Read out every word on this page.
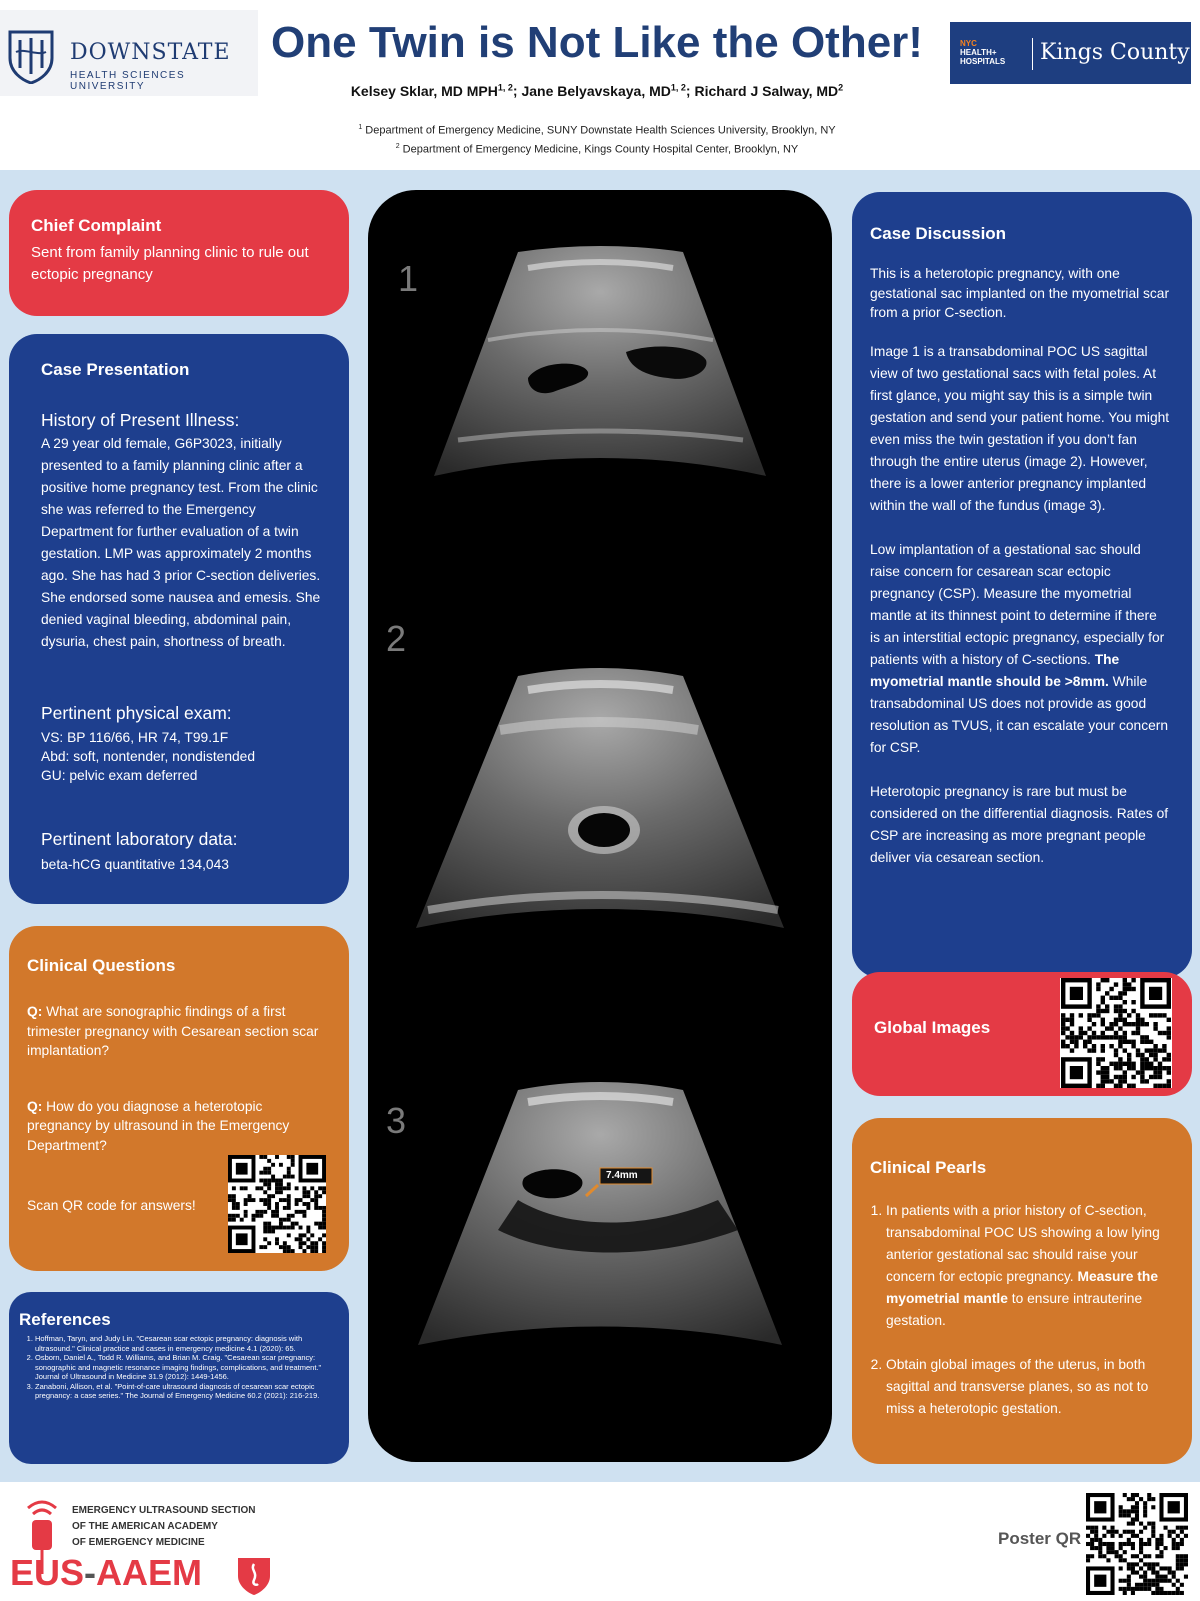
DOWNSTATE
HEALTH SCIENCES UNIVERSITY
One Twin is Not Like the Other!
Kelsey Sklar, MD MPH$^{1, 2}$; Jane Belyavskaya, MD$^{1, 2}$; Richard J Salway, $MD^2$
$^1$ Department of Emergency Medicine, SUNY Downstate Health Sciences University, Brooklyn, NY
$^2$ Department of Emergency Medicine, Kings County Hospital Center, Brooklyn, NY
NYC
HEALTH+
HOSPITALS Kings County
Chief Complaint
Sent from family planning clinic to rule out ectopic pregnancy
Case Presentation
History of Present Illness:
A 29 year old female, G6P3023, initially presented to a family planning clinic after a positive home pregnancy test. From the clinic she was referred to the Emergency Department for further evaluation of a twin gestation. LMP was approximately 2 months ago. She has had 3 prior C-section deliveries. She endorsed some nausea and emesis. She denied vaginal bleeding, abdominal pain, dysuria, chest pain, shortness of breath.
Pertinent physical exam:
VS: BP 116/66, HR 74, T99.1F
Abd: soft, nontender, nondistended
GU: pelvic exam deferred
Pertinent laboratory data:
beta-hCG quantitative 134,043
Clinical Questions
Q: What are sonographic findings of a first trimester pregnancy with Cesarean section scar implantation?
Q: How do you diagnose a heterotopic pregnancy by ultrasound in the Emergency Department?
Scan QR code for answers!
References
1. Hoffman, Taryn, and Judy Lin. "Cesarean scar ectopic pregnancy: diagnosis with ultrasound." Clinical practice and cases in emergency medicine 4.1 (2020): 65.
2. Osborn, Daniel A., Todd R. Williams, and Brian M. Craig. "Cesarean scar pregnancy: sonographic and magnetic resonance imaging findings, complications, and treatment." Journal of Ultrasound in Medicine 31.9 (2012): 1449-1456.
3. Zanaboni, Allison, et al. "Point-of-care ultrasound diagnosis of cesarean scar ectopic pregnancy: a case series." The Journal of Emergency Medicine 60.2 (2021): 216-219.
1
2
3
7.4mm
Case Discussion
This is a heterotopic pregnancy, with one gestational sac implanted on the myometrial scar from a prior C-section.
Image 1 is a transabdominal POC US sagittal view of two gestational sacs with fetal poles. At first glance, you might say this is a simple twin gestation and send your patient home. You might even miss the twin gestation if you don’t fan through the entire uterus (image 2). However, there is a lower anterior pregnancy implanted within the wall of the fundus (image 3).
Low implantation of a gestational sac should raise concern for cesarean scar ectopic pregnancy (CSP). Measure the myometrial mantle at its thinnest point to determine if there is an interstitial ectopic pregnancy, especially for patients with a history of C-sections. The myometrial mantle should be >8mm. While transabdominal US does not provide as good resolution as TVUS, it can escalate your concern for CSP.
Heterotopic pregnancy is rare but must be considered on the differential diagnosis. Rates of CSP are increasing as more pregnant people deliver via cesarean section.
Global Images
Clinical Pearls
1. In patients with a prior history of C-section, transabdominal POC US showing a low lying anterior gestational sac should raise your concern for ectopic pregnancy. Measure the myometrial mantle to ensure intrauterine gestation.
2. Obtain global images of the uterus, in both sagittal and transverse planes, so as not to miss a heterotopic gestation.
EMERGENCY ULTRASOUND SECTION
OF THE AMERICAN ACADEMY
OF EMERGENCY MEDICINE
EUS-AAEM
Poster QR
